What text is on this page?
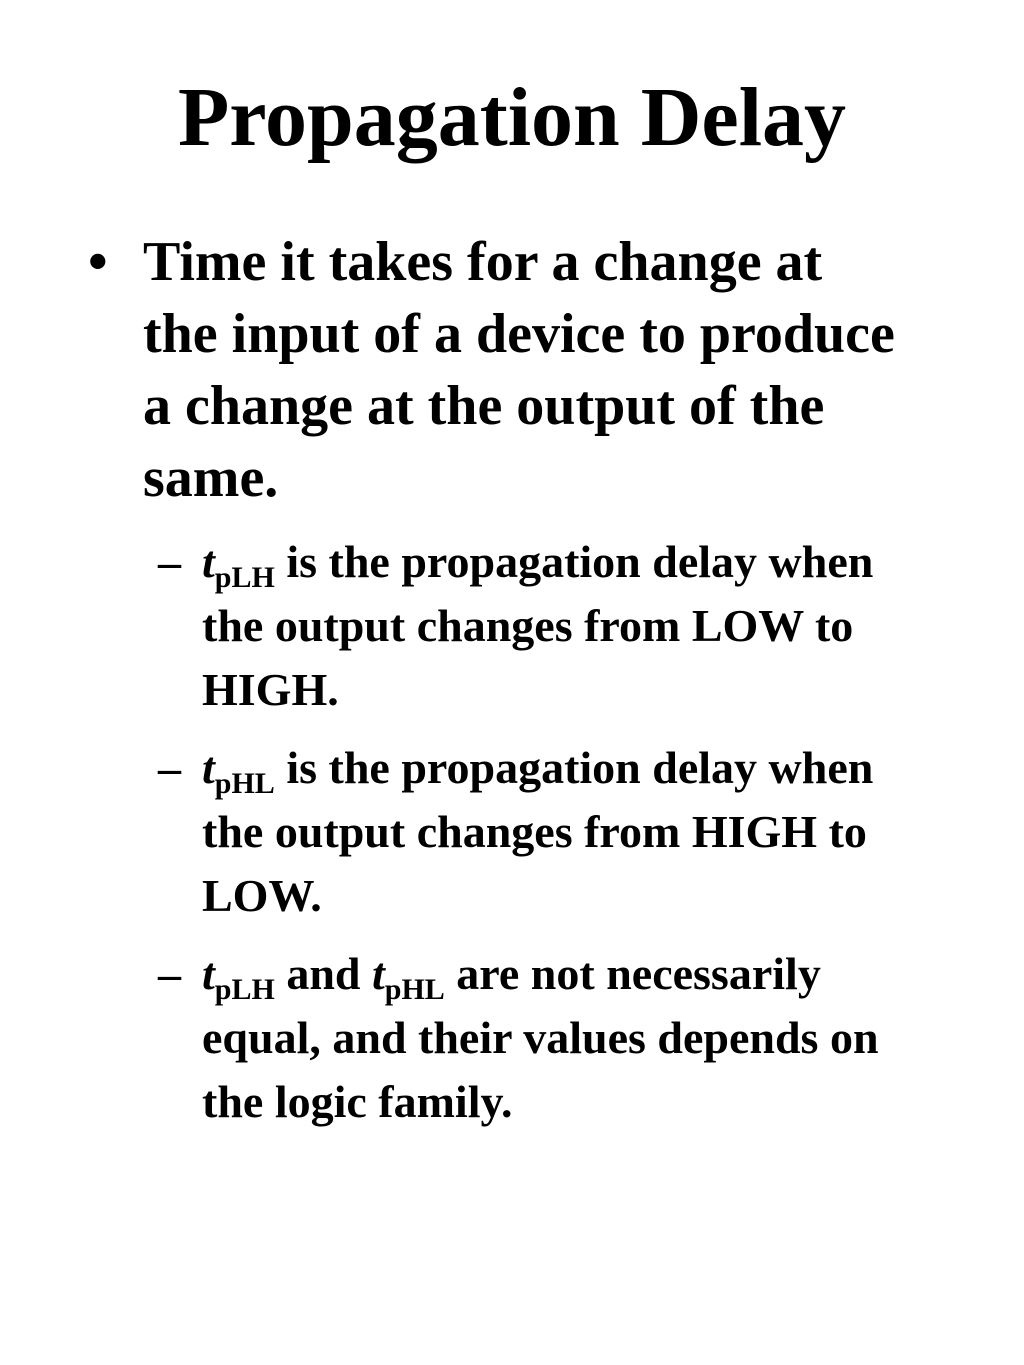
Propagation Delay
• Time it takes for a change at the input of a device to produce a change at the output of the same.
– $t_{pLH}$ is the propagation delay when the output changes from LOW to HIGH.
– $t_{pHL}$ is the propagation delay when the output changes from HIGH to LOW.
– $t_{pLH}$ and $t_{pHL}$ are not necessarily equal, and their values depends on the logic family.
